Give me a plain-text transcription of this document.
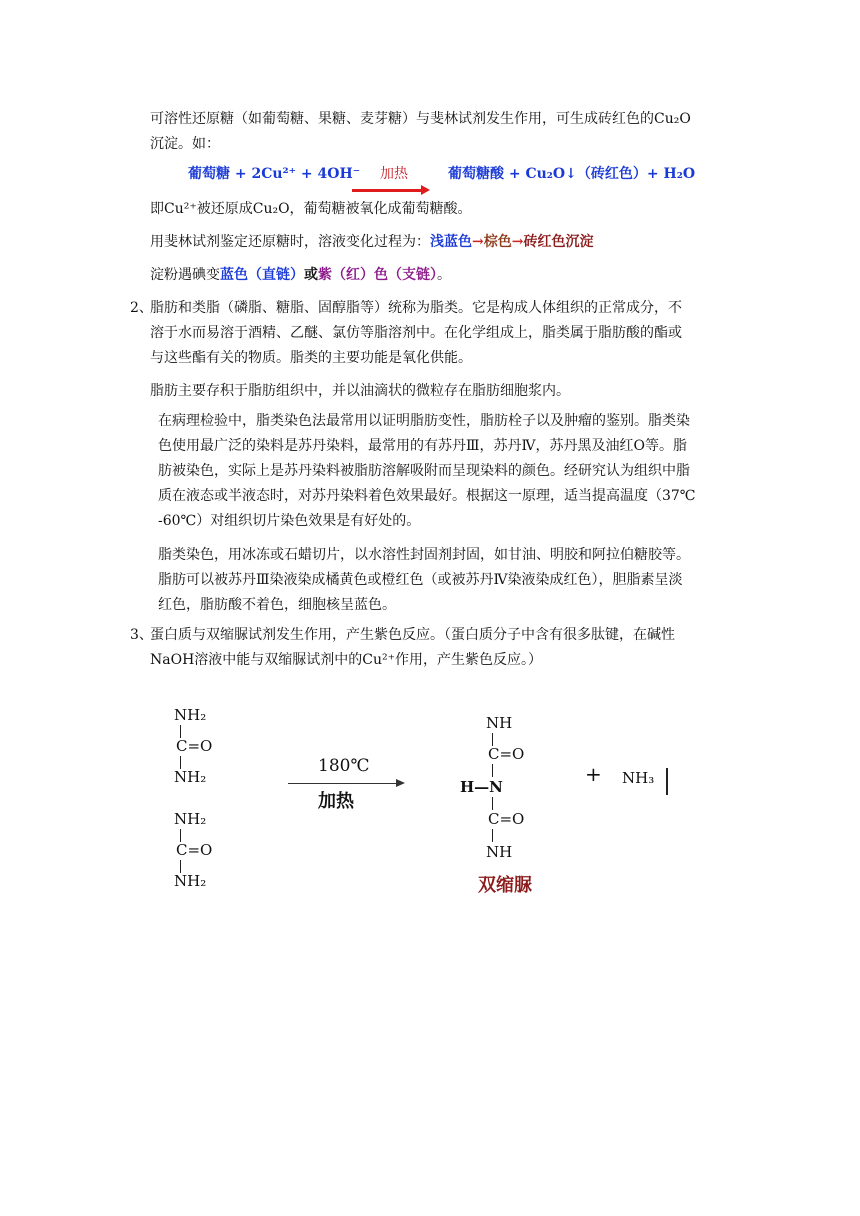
可溶性还原糖（如葡萄糖、果糖、麦芽糖）与斐林试剂发生作用，可生成砖红色的Cu₂O

沉淀。如：

葡萄糖 + 2Cu²⁺ + 4OH⁻ 加热	葡萄糖酸 + Cu₂O↓（砖红色）+ H₂O

即Cu²⁺被还原成Cu₂O，葡萄糖被氧化成葡萄糖酸。

用斐林试剂鉴定还原糖时，溶液变化过程为：浅蓝色→棕色→砖红色沉淀

淀粉遇碘变蓝色（直链）或紫（红）色（支链）。

2、

脂肪和类脂（磷脂、糖脂、固醇脂等）统称为脂类。它是构成人体组织的正常成分，不

溶于水而易溶于酒精、乙醚、氯仿等脂溶剂中。在化学组成上，脂类属于脂肪酸的酯或

与这些酯有关的物质。脂类的主要功能是氧化供能。

脂肪主要存积于脂肪组织中，并以油滴状的微粒存在脂肪细胞浆内。

在病理检验中，脂类染色法最常用以证明脂肪变性，脂肪栓子以及肿瘤的鉴别。脂类染

色使用最广泛的染料是苏丹染料，最常用的有苏丹Ⅲ，苏丹Ⅳ，苏丹黑及油红O等。脂

肪被染色，实际上是苏丹染料被脂肪溶解吸附而呈现染料的颜色。经研究认为组织中脂

质在液态或半液态时，对苏丹染料着色效果最好。根据这一原理，适当提高温度（37℃

-60℃）对组织切片染色效果是有好处的。

脂类染色，用冰冻或石蜡切片，以水溶性封固剂封固，如甘油、明胶和阿拉伯糖胶等。

脂肪可以被苏丹Ⅲ染液染成橘黄色或橙红色（或被苏丹Ⅳ染液染成红色），胆脂素呈淡

红色，脂肪酸不着色，细胞核呈蓝色。

3、

蛋白质与双缩脲试剂发生作用，产生紫色反应。（蛋白质分子中含有很多肽键，在碱性

NaOH溶液中能与双缩脲试剂中的Cu²⁺作用，产生紫色反应。）

NH₂
C=O
NH₂
NH₂
C=O
NH₂
180℃
加热
NH
C=O
H—N
C=O
NH
双缩脲
+ NH₃
